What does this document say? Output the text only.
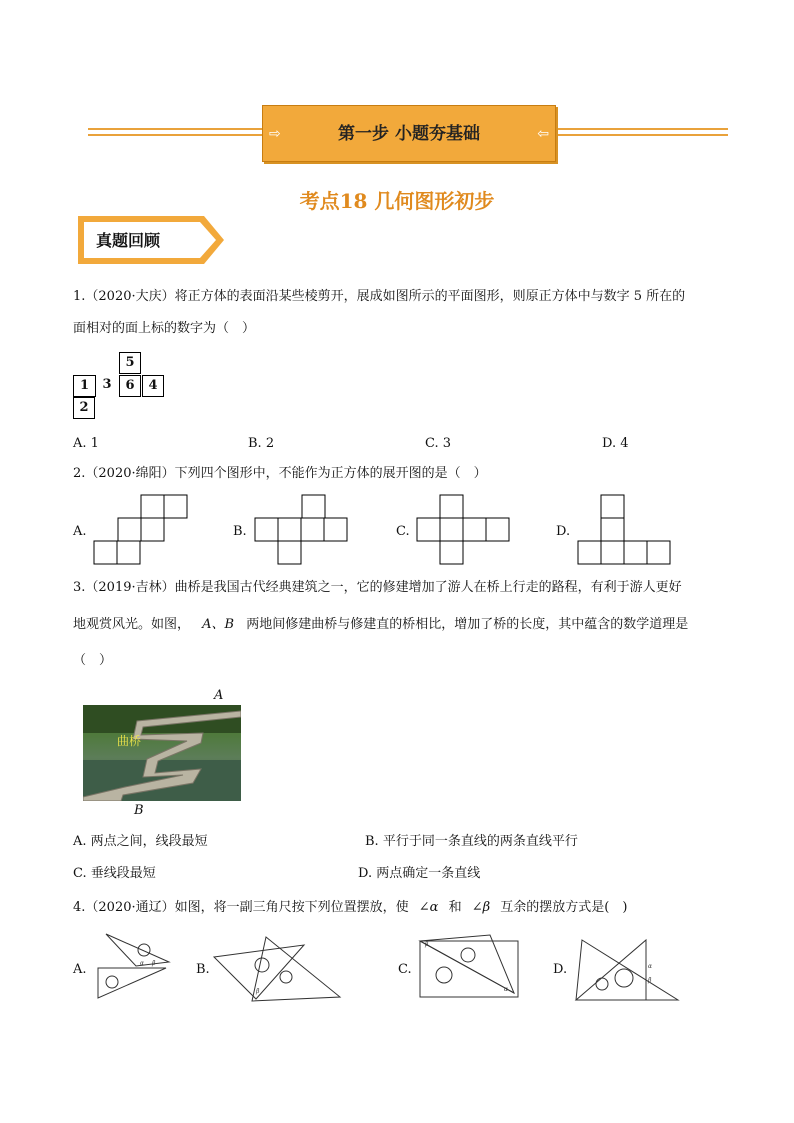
⇨	第一步 小题夯基础	⇦
考点18 几何图形初步
真题回顾
1.（2020·大庆）将正方体的表面沿某些棱剪开，展成如图所示的平面图形，则原正方体中与数字 5 所在的
面相对的面上标的数字为（　）
5
1	3	6	4
2
A. 1	B. 2	C. 3	D. 4
2.（2020·绵阳）下列四个图形中，不能作为正方体的展开图的是（　）
A.	B.	C.	D.
3.（2019·吉林）曲桥是我国古代经典建筑之一，它的修建增加了游人在桥上行走的路程，有利于游人更好
地观赏风光。如图， A、B 两地间修建曲桥与修建直的桥相比，增加了桥的长度，其中蕴含的数学道理是
（　）
A
曲桥
B
A. 两点之间，线段最短	B. 平行于同一条直线的两条直线平行
C. 垂线段最短	D. 两点确定一条直线
4.（2020·通辽）如图，将一副三角尺按下列位置摆放，使 ∠α 和 ∠β 互余的摆放方式是(　)
A.	α β	B.
β
C.
β
α
D.	α
β
